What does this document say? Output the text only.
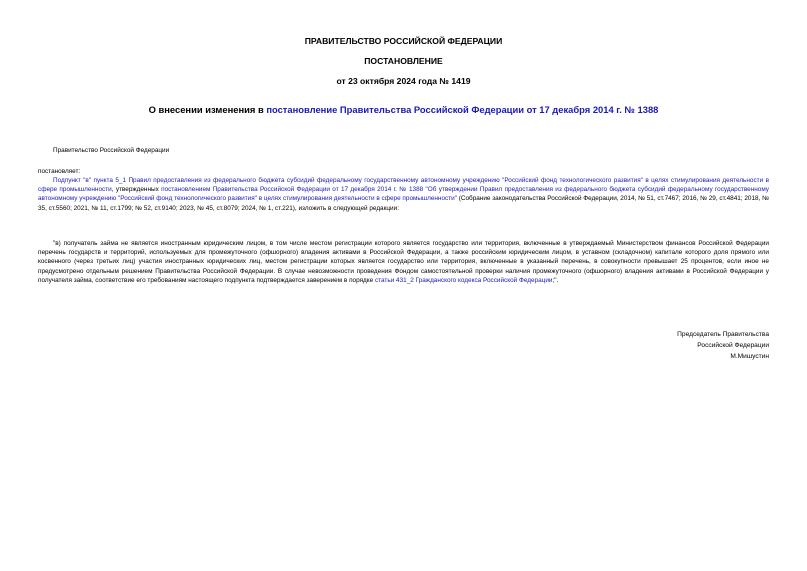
ПРАВИТЕЛЬСТВО РОССИЙСКОЙ ФЕДЕРАЦИИ
ПОСТАНОВЛЕНИЕ
от 23 октября 2024 года № 1419
О внесении изменения в постановление Правительства Российской Федерации от 17 декабря 2014 г. № 1388
Правительство Российской Федерации
постановляет:
Подпункт "в" пункта 5_1 Правил предоставления из федерального бюджета субсидий федеральному государственному автономному учреждению "Российский фонд технологического развития" в целях стимулирования деятельности в сфере промышленности, утвержденных постановлением Правительства Российской Федерации от 17 декабря 2014 г. № 1388 "Об утверждении Правил предоставления из федерального бюджета субсидий федеральному государственному автономному учреждению "Российский фонд технологического развития" в целях стимулирования деятельности в сфере промышленности" (Собрание законодательства Российской Федерации, 2014, № 51, ст.7467; 2016, № 29, ст.4841; 2018, № 35, ст.5560; 2021, № 11, ст.1799; № 52, ст.9140; 2023, № 45, ст.8079; 2024, № 1, ст.221), изложить в следующей редакции:
"в) получатель займа не является иностранным юридическим лицом, в том числе местом регистрации которого является государство или территория, включенные в утверждаемый Министерством финансов Российской Федерации перечень государств и территорий, используемых для промежуточного (офшорного) владения активами в Российской Федерации, а также российским юридическим лицом, в уставном (складочном) капитале которого доля прямого или косвенного (через третьих лиц) участия иностранных юридических лиц, местом регистрации которых является государство или территория, включенные в указанный перечень, в совокупности превышает 25 процентов, если иное не предусмотрено отдельным решением Правительства Российской Федерации. В случае невозможности проведения Фондом самостоятельной проверки наличия промежуточного (офшорного) владения активами в Российской Федерации у получателя займа, соответствие его требованиям настоящего подпункта подтверждается заверением в порядке статьи 431_2 Гражданского кодекса Российской Федерации;".
Председатель Правительства
Российской Федерации
М.Мишустин
